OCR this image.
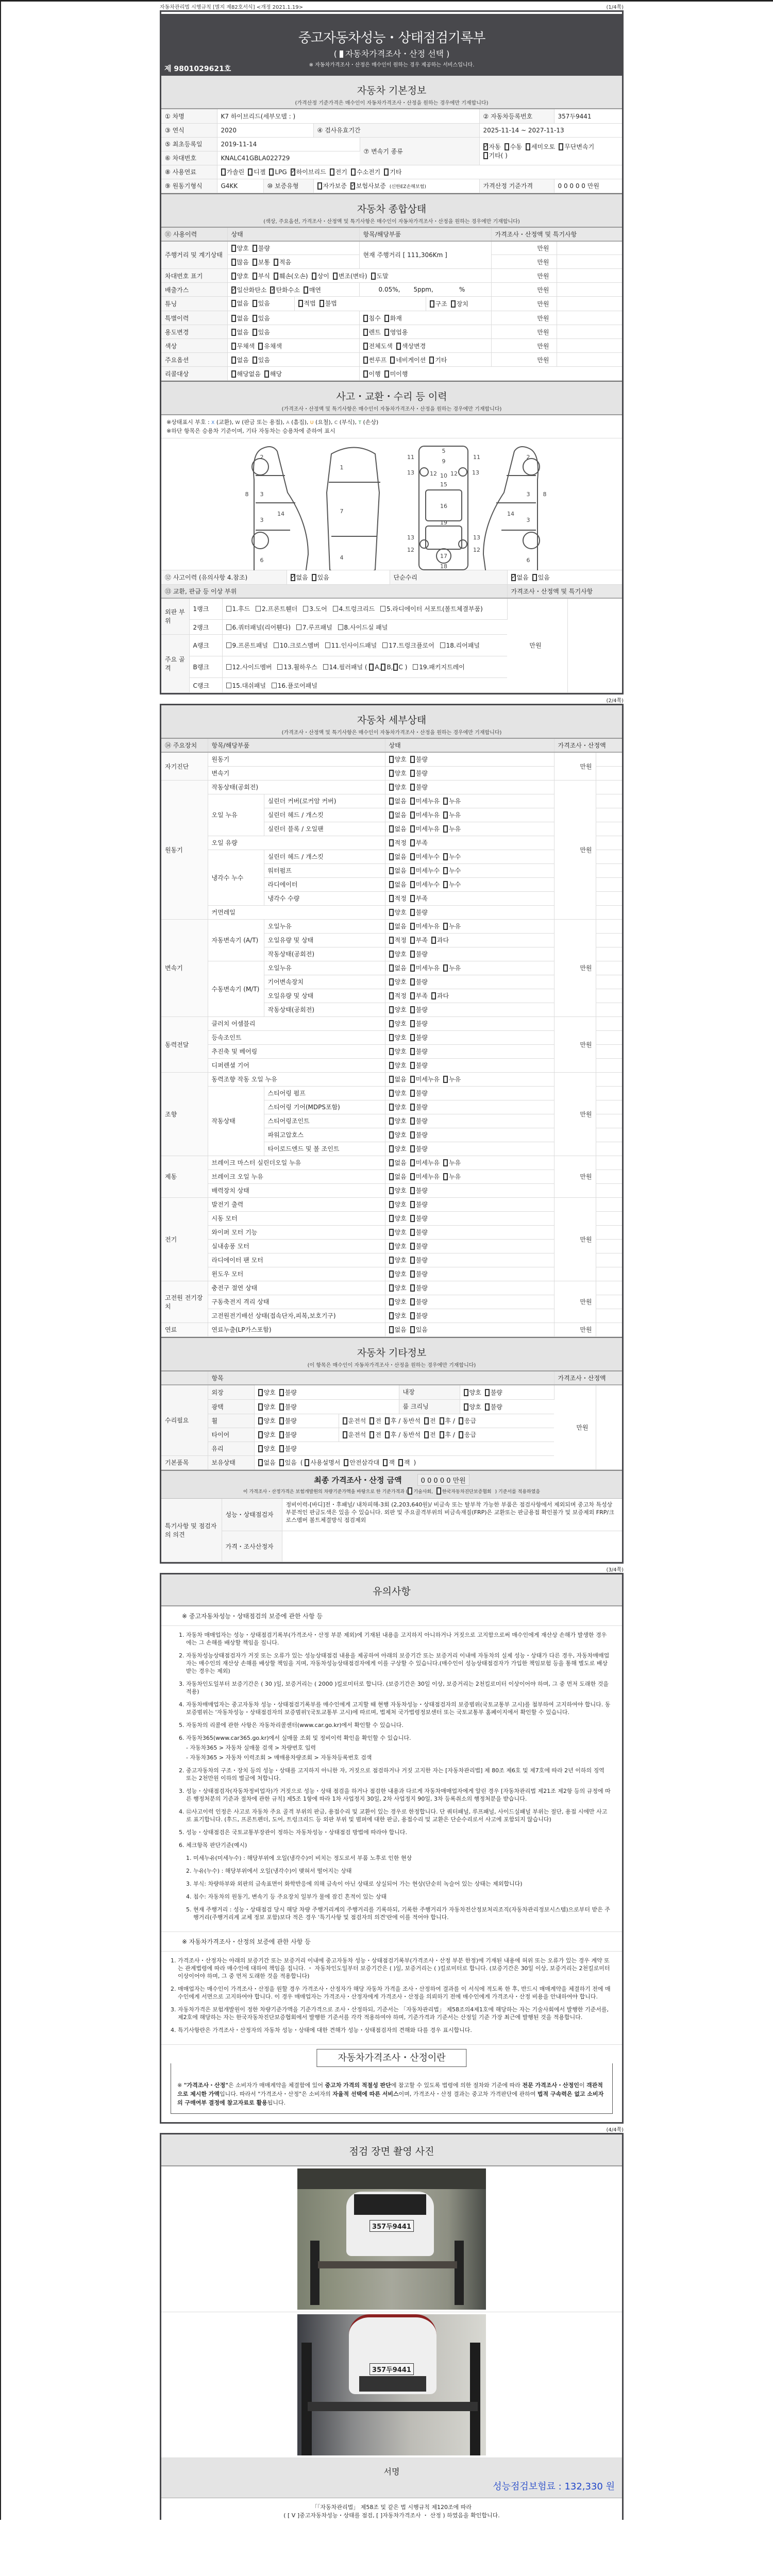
자동차관리법 시행규칙 [별지 제82호서식] <개정 2021.1.19>	(1/4쪽)
중고자동차성능・상태점검기록부
( 자동차가격조사・산정 선택 )
※ 자동차가격조사・산정은 매수인이 원하는 경우 제공하는 서비스입니다.
제 9801029621호
자동차 기본정보
(가격산정 기준가격은 매수인이 자동차가격조사・산정을 원하는 경우에만 기재합니다)
① 차명	K7 하이브리드(세부모델 : )				② 자동차등록번호	357두9441
③ 연식	2020		④ 검사유효기간		2025-11-14 ~ 2027-11-13	
⑤ 최초등록일	2019-11-14			⑦ 변속기 종류	✓자동 수동 세미오토 무단변속기기타( )
⑥ 차대번호	KNALC41GBLA022729					
⑧ 사용연료	가솔린 디젤 LPG ✓ 하이브리드 전기 수소전기 기타
⑨ 원동기형식	G4KK	⑩ 보증유형	자가보증 ✓ 보험사보증 (신한EZ손해보험)		가격산정 기준가격	0 0 0 0 0 만원
자동차 종합상태
(색상, 주요옵션, 가격조사・산정액 및 특기사항은 매수인이 자동차가격조사・산정을 원하는 경우에만 기재합니다)
⑪ 사용이력	상태	항목/해당부품	가격조사・산정액 및 특기사항	
주행거리 및 계기상태	양호 불량	현재 주행거리 [ 111,306Km ]	만원	
	많음 보통 적음		만원	
차대번호 표기	양호 부식 훼손(오손) 상이 변조(변타) 도말		만원	
배출가스	✓일산화탄소 ✓ 탄화수소 매연	0.05%, 5ppm, %	만원	
튜닝	없음 있음 적법 불법 구조 장치		만원	
특별이력	없음 있음	침수 화재	만원	
용도변경	없음 있음	렌트 영업용	만원	
색상	무채색 유채색	전체도색 색상변경	만원	
주요옵션	없음 있음	썬루프 네비게이션 기타	만원	
리콜대상	해당없음 해당	이행 미이행		
사고・교환・수리 등 이력
(가격조사・산정액 및 특기사항은 매수인이 자동차가격조사・산정을 원하는 경우에만 기재합니다)
※상태표시 부호 : X (교환), W (판금 또는 용접), A (흠집), U (요철), C (부식), T (손상)
※하단 항목은 승용차 기준이며, 기타 자동차는 승용차에 준하여 표시
1
2
3
3
4
5
6
7
8
9
10
11
12 12
13	13
14
15
16
17
18
19
2
3
3
6
8
14
11
13	13
12	12
⑫ 사고이력 (유의사항 4.참조)	✓없음 있음	단순수리	✓없음 있음
⑬ 교환, 판금 등 이상 부위			가격조사・산정액 및 특기사항	
외판 부위	1랭크	1.후드 2.프론트휀더 3.도어 4.트렁크리드 5.라디에이터 서포트(볼트체결부품)	만원	
	2랭크	6.쿼터패널(리어휀다) 7.루프패널 8.사이드실 패널		
주요 골격	A랭크	9.프론트패널 10.크로스멤버 11.인사이드패널 17.트렁크플로어 18.리어패널		
	B랭크	12.사이드멤버 13.휠하우스 14.필러패널 ( A, B, C ) 19.패키지트레이		
	C랭크	15.대쉬패널 16.플로어패널		
(2/4쪽)
자동차 세부상태
(가격조사・산정액 및 특기사항은 매수인이 자동차가격조사・산정을 원하는 경우에만 기재합니다)
⑭ 주요장치	항목/해당부품		상태	가격조사・산정액	
자기진단	원동기		양호 불량	만원	
	변속기		양호 불량		
원동기	작동상태(공회전)		양호 불량	만원	
	오일 누유	실린더 커버(로커암 커버)	없음 미세누유 누유		
		실린더 헤드 / 개스킷	없음 미세누유 누유		
		실린더 블록 / 오일팬	없음 미세누유 누유		
	오일 유량		적정 부족		
	냉각수 누수	실린더 헤드 / 개스킷	없음 미세누수 누수		
		워터펌프	없음 미세누수 누수		
		라디에이터	없음 미세누수 누수		
		냉각수 수량	적정 부족		
	커먼레일		양호 불량		
변속기	자동변속기 (A/T)	오일누유	없음 미세누유 누유	만원	
		오일유량 및 상태	적정 부족 과다		
		작동상태(공회전)	양호 불량		
	수동변속기 (M/T)	오일누유	없음 미세누유 누유		
		기어변속장치	양호 불량		
		오일유량 및 상태	적정 부족 과다		
		작동상태(공회전)	양호 불량		
동력전달	클러치 어셈블리		양호 불량	만원	
	등속조인트		양호 불량		
	추진축 및 베어링		양호 불량		
	디퍼렌셜 기어		양호 불량		
조향	동력조향 작동 오일 누유		없음 미세누유 누유	만원	
	작동상태	스티어링 펌프	양호 불량		
		스티어링 기어(MDPS포함)	양호 불량		
		스티어링조인트	양호 불량		
		파워고압호스	양호 불량		
		타이로드엔드 및 볼 조인트	양호 불량		
제동	브레이크 마스터 실린더오일 누유		없음 미세누유 누유	만원	
	브레이크 오일 누유		없음 미세누유 누유		
	배력장치 상태		양호 불량		
전기	발전기 출력		양호 불량	만원	
	시동 모터		양호 불량		
	와이퍼 모터 기능		양호 불량		
	실내송풍 모터		양호 불량		
	라디에이터 팬 모터		양호 불량		
	윈도우 모터		양호 불량		
고전원 전기장치	충전구 절연 상태		양호 불량	만원	
	구동축전지 격리 상태		양호 불량		
	고전원전기배선 상태(접속단자,피복,보호기구)		양호 불량		
연료	연료누출(LP가스포함)		없음 있음	만원	
자동차 기타정보
(이 항목은 매수인이 자동차가격조사・산정을 원하는 경우에만 기재합니다)
	항목				가격조사・산정액	
수리필요	외장	양호 불량		내장 양호 불량	만원	
	광택	양호 불량		룸 크리닝 양호 불량		

	휠	양호 불량	운전석 전 후 / 동반석 전 후 / 응급			
	타이어	양호 불량	운전석 전 후 / 동반석 전 후 / 응급			
	유리	양호 불량				
기본품목	보유상태	없음 있음 ( 사용설명서 안전삼각대 잭 잭 )				
최종 가격조사・산정 금액	0 0 0 0 0 만원
이 가격조사・산정가격은 보험개발원의 차량기준가액을 바탕으로 한 기준가격과 ( 기술사회, 한국자동차진단보증협회 ) 기준서를 적용하였음
특기사항 및 점검자의 의견	성능・상태점검자	정비이력-[바디]전・후패널/ 내차피해-3회 (2,203,640원)/ 비금속 또는 탈부착 가능한 부품은 점검사항에서 제외되며 중고차 특성상 부분적인 판금도색은 있을 수 있습니다. 외판 및 주요골격부위의 비금속재질(FRP)은 교환또는 판금용접 확인불가 및 보증제외 FRP/크로스멤버 볼트체결방식 점검제외
	가격・조사산정자	
(3/4쪽)
유의사항
※ 중고자동차성능・상태점검의 보증에 관한 사항 등
1. 자동차 매매업자는 성능・상태점검기록부(가격조사・산정 부분 제외)에 기재된 내용을 고지하지 아니하거나 거짓으로 고지함으로써 매수인에게 재산상 손해가 발생한 경우에는 그 손해를 배상할 책임을 집니다.
2. 자동차성능상태점검자가 거짓 또는 오류가 있는 성능상태점검 내용을 제공하여 아래의 보증기간 또는 보증거리 이내에 자동차의 실제 성능・상태가 다른 경우, 자동차매매업자는 매수인의 재산상 손해를 배상할 책임을 지며, 자동차성능상태점검자에게 이를 구상할 수 있습니다.(매수인이 성능상태점검자가 가입한 책임보험 등을 통해 별도로 배상받는 경우는 제외)
3. 자동차인도일부터 보증기간은 ( 30 )일, 보증거리는 ( 2000 )킬로미터로 합니다. (보증기간은 30일 이상, 보증거리는 2천킬로미터 이상이어야 하며, 그 중 먼저 도래한 것을 적용)
4. 자동차매매업자는 중고자동차 성능・상태점검기록부를 매수인에게 고지할 때 현행 자동차성능・상태점검자의 보증범위(국토교통부 고시)를 첨부하여 고지하여야 합니다. 동 보증범위는 '자동차성능・상태점검자의 보증범위'(국토교통부 고시)에 따르며, 법제처 국가법령정보센터 또는 국토교통부 홈페이지에서 확인할 수 있습니다.
5. 자동차의 리콜에 관한 사항은 자동차리콜센터(www.car.go.kr)에서 확인할 수 있습니다.
6. 자동차365(www.car365.go.kr)에서 실매물 조회 및 정비이력 확인을 확인할 수 있습니다.
- 자동차365 > 자동차 실매물 검색 > 차량번호 입력
- 자동차365 > 자동차 이력조회 > 매매용차량조회 > 자동차등록번호 검색
2. 중고자동차의 구조・장치 등의 성능・상태를 고지하지 아니한 자, 거짓으로 점검하거나 거짓 고지한 자는 [자동차관리법] 제 80조 제6호 및 제7호에 따라 2년 이하의 징역 또는 2천만원 이하의 벌금에 처합니다.
3. 성능・상태점검자(자동차정비업자)가 거짓으로 성능・상태 점검을 하거나 점검한 내용과 다르게 자동차매매업자에게 알린 경우 [자동차관리법 제21조 제2항 등의 규정에 따른 행정처분의 기준과 절차에 관한 규칙] 제5조 1항에 따라 1차 사업정지 30일, 2차 사업정지 90일, 3차 등록취소의 행정처분을 받습니다.
4. ⑫사고이력 인정은 사고로 자동차 주요 골격 부위의 판금, 용접수리 및 교환이 있는 경우로 한정합니다. 단 쿼터패널, 루프패널, 사이드실패널 부위는 절단, 용접 시에만 사고로 표기합니다. (후드, 프론트펜더, 도어, 트렁크리드 등 외판 부위 및 범퍼에 대한 판금, 용접수리 및 교환은 단순수리로서 사고에 포함되지 않습니다)
5. 성능・상태점검은 국토교통부장관이 정하는 자동차성능・상태점검 방법에 따라야 합니다.
6. 체크항목 판단기준(예시)
1. 미세누유(미세누수) : 해당부위에 오일(냉각수)이 비치는 정도로서 부품 노후로 인한 현상
2. 누유(누수) : 해당부위에서 오일(냉각수)이 맺혀서 떨어지는 상태
3. 부식: 차량하부와 외판의 금속표면이 화학반응에 의해 금속이 아닌 상태로 상실되어 가는 현상(단순히 녹슬어 있는 상태는 제외합니다)
4. 침수: 자동차의 원동기, 변속기 등 주요장치 일부가 물에 잠긴 흔적이 있는 상태
5. 현재 주행거리 : 성능・상태점검 당시 해당 차량 주행거리계의 주행거리를 기록하되, 기록한 주행거리가 자동차전산정보처리조직(자동차관리정보시스템)으로부터 받은 주행거리(주행거리계 교체 정보 포함)보다 적은 경우 '특기사항 및 점검자의 의견'란에 이를 적어야 합니다.
※ 자동차가격조사・산정의 보증에 관한 사항 등
1. 가격조사・산정자는 아래의 보증기간 또는 보증거리 이내에 중고자동차 성능・상태점검기록부(가격조사・산정 부분 한정)에 기재된 내용에 허위 또는 오류가 있는 경우 계약 또는 관계법령에 따라 매수인에 대하여 책임을 집니다. ・ 자동차인도일부터 보증기간은 ( )일, 보증거리는 ( )킬로미터로 합니다. (보증기간은 30일 이상, 보증거리는 2천킬로미터 이상이어야 하며, 그 중 먼저 도래한 것을 적용합니다)
2. 매매업자는 매수인이 가격조사・산정을 원할 경우 가격조사・산정자가 해당 자동차 가격을 조사・산정하여 결과를 이 서식에 적도록 한 후, 반드시 매매계약을 체결하기 전에 매수인에게 서면으로 고지하여야 합니다. 이 경우 매매업자는 가격조사・산정자에게 가격조사・산정을 의뢰하기 전에 매수인에게 가격조사・산정 비용을 안내하여야 합니다.
3. 자동차가격은 보험개발원이 정한 차량기준가액을 기준가격으로 조사・산정하되, 기준서는 「자동차관리법」 제58조의4제1호에 해당하는 자는 기술사회에서 발행한 기준서를, 제2호에 해당하는 자는 한국자동차진단보증협회에서 발행한 기준서를 각각 적용하여야 하며, 기준가격과 기준서는 산정일 기준 가장 최근에 발행된 것을 적용합니다.
4. 특기사항란은 가격조사・산정자의 자동차 성능・상태에 대한 견해가 성능・상태점검자의 견해와 다를 경우 표시합니다.
자동차가격조사・산정이란
※ "가격조사・산정"은 소비자가 매매계약을 체결함에 있어 중고차 가격의 적절성 판단에 참고할 수 있도록 법령에 의한 절차와 기준에 따라 전문 가격조사・산정인이 객관적으로 제시한 가액입니다. 따라서 "가격조사・산정"은 소비자의 자율적 선택에 따른 서비스이며, 가격조사・산정 결과는 중고차 가격판단에 관하여 법적 구속력은 없고 소비자의 구매여부 결정에 참고자료로 활용됩니다.
(4/4쪽)
점검 장면 촬영 사진
357두9441
357두9441
서명
성능점검보험료 : 132,330 원
「「자동차관리법」 제58조 및 같은 법 시행규칙 제120조에 따라
( [ V ]중고자동차성능・상태를 점검, [ ]자동차가격조사 ・ 산정 ) 하였음을 확인합니다.
